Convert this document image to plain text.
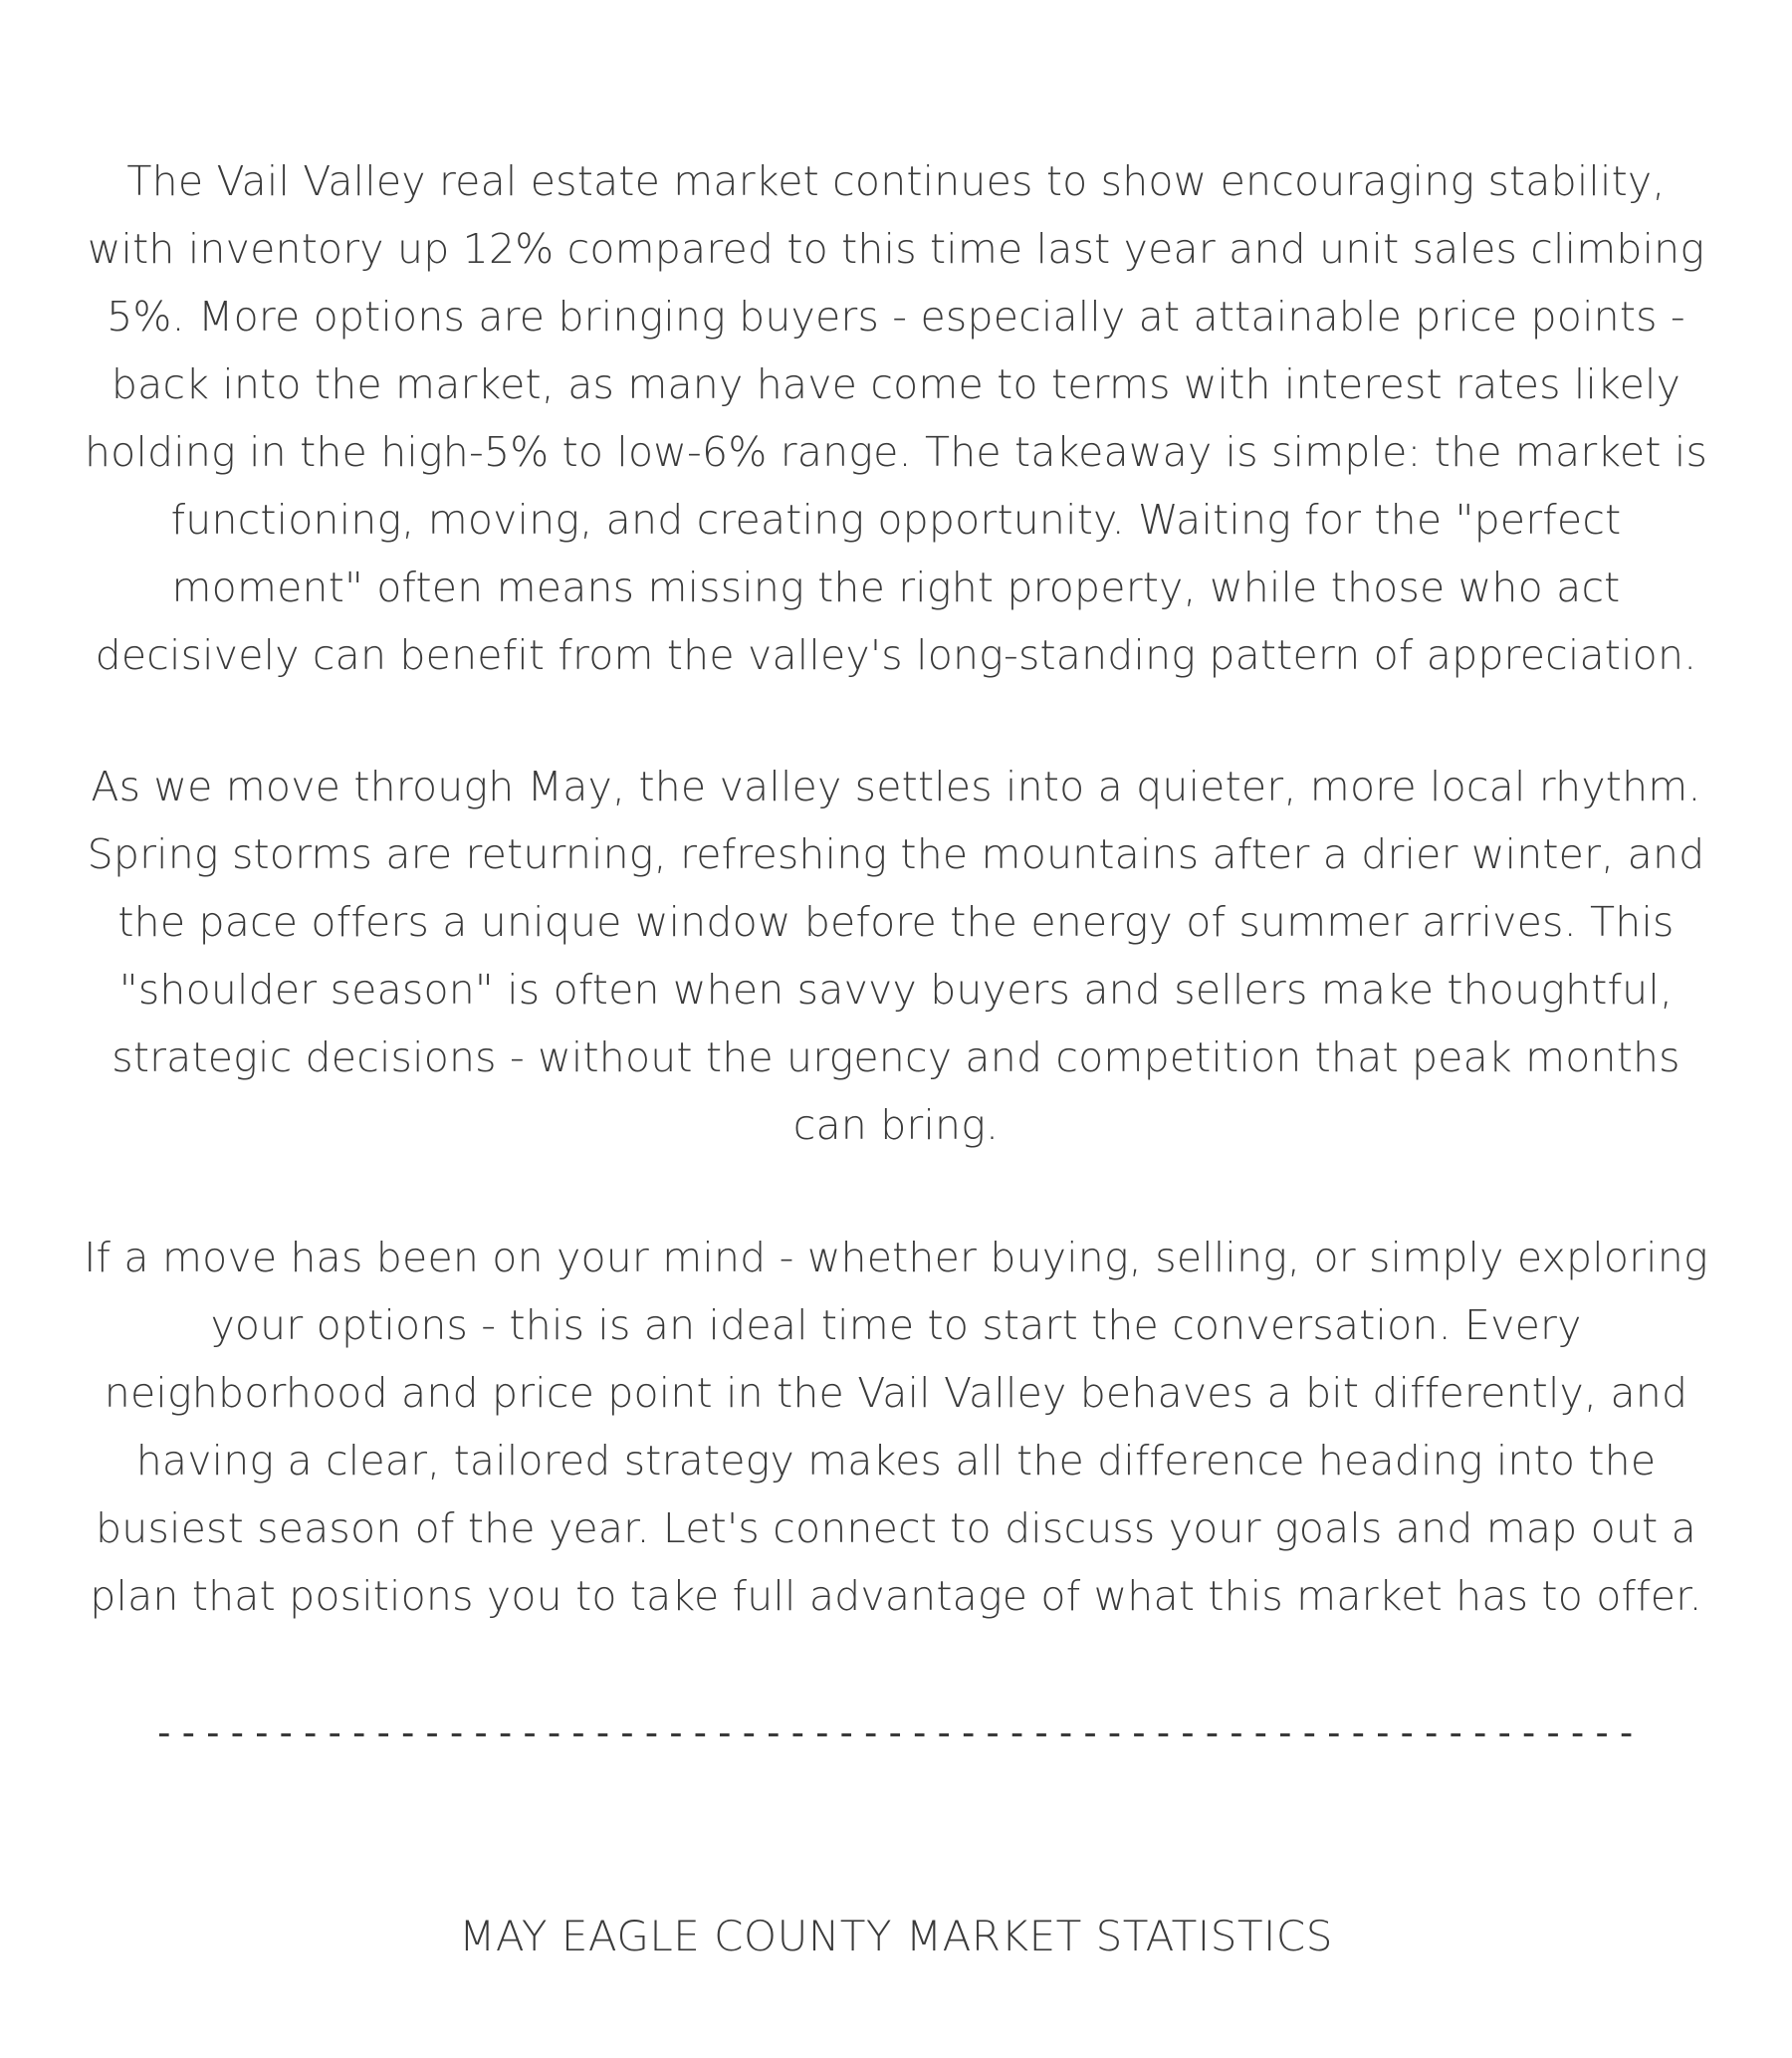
The Vail Valley real estate market continues to show encouraging stability, with inventory up 12% compared to this time last year and unit sales climbing 5%. More options are bringing buyers - especially at attainable price points - back into the market, as many have come to terms with interest rates likely holding in the high-5% to low-6% range. The takeaway is simple: the market is functioning, moving, and creating opportunity. Waiting for the "perfect moment" often means missing the right property, while those who act decisively can benefit from the valley's long-standing pattern of appreciation.

As we move through May, the valley settles into a quieter, more local rhythm. Spring storms are returning, refreshing the mountains after a drier winter, and the pace offers a unique window before the energy of summer arrives. This "shoulder season" is often when savvy buyers and sellers make thoughtful, strategic decisions - without the urgency and competition that peak months can bring.

If a move has been on your mind - whether buying, selling, or simply exploring your options - this is an ideal time to start the conversation. Every neighborhood and price point in the Vail Valley behaves a bit differently, and having a clear, tailored strategy makes all the difference heading into the busiest season of the year. Let's connect to discuss your goals and map out a plan that positions you to take full advantage of what this market has to offer.

-------------------------------------------------------------
MAY EAGLE COUNTY MARKET STATISTICS
